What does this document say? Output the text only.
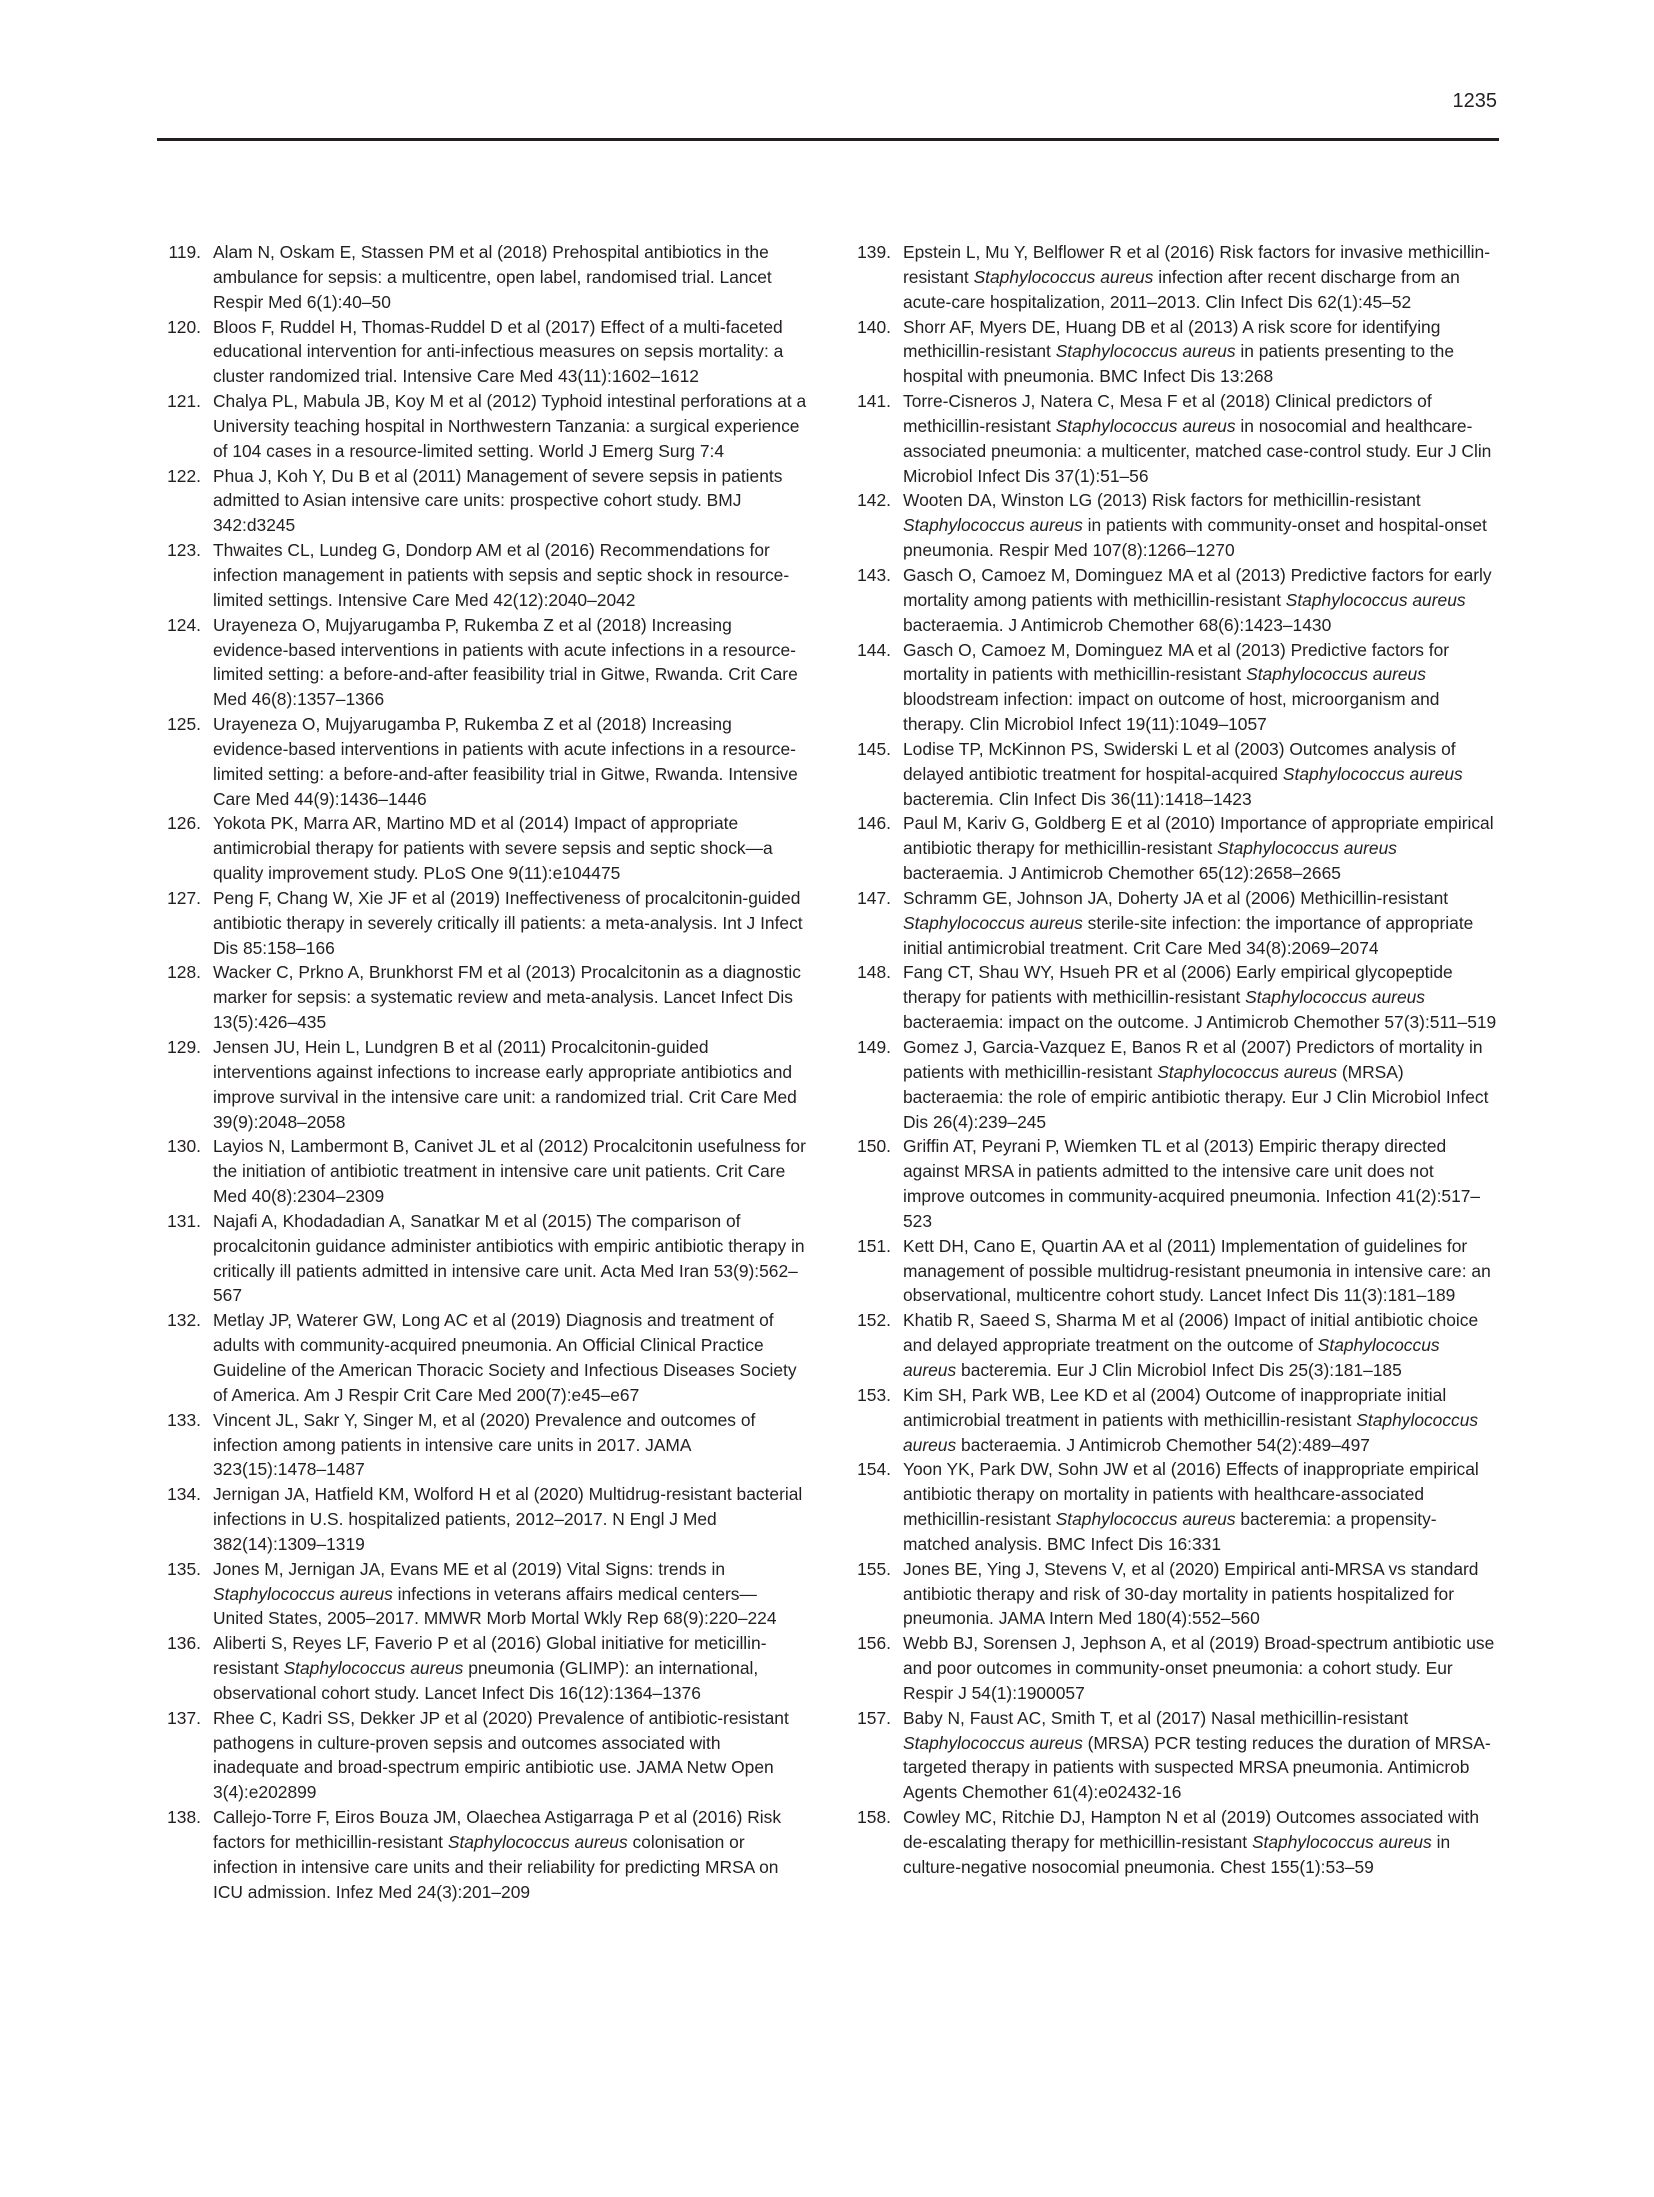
1235
119. Alam N, Oskam E, Stassen PM et al (2018) Prehospital antibiotics in the ambulance for sepsis: a multicentre, open label, randomised trial. Lancet Respir Med 6(1):40–50
120. Bloos F, Ruddel H, Thomas-Ruddel D et al (2017) Effect of a multi-faceted educational intervention for anti-infectious measures on sepsis mortality: a cluster randomized trial. Intensive Care Med 43(11):1602–1612
121. Chalya PL, Mabula JB, Koy M et al (2012) Typhoid intestinal perforations at a University teaching hospital in Northwestern Tanzania: a surgical experience of 104 cases in a resource-limited setting. World J Emerg Surg 7:4
122. Phua J, Koh Y, Du B et al (2011) Management of severe sepsis in patients admitted to Asian intensive care units: prospective cohort study. BMJ 342:d3245
123. Thwaites CL, Lundeg G, Dondorp AM et al (2016) Recommendations for infection management in patients with sepsis and septic shock in resource-limited settings. Intensive Care Med 42(12):2040–2042
124. Urayeneza O, Mujyarugamba P, Rukemba Z et al (2018) Increasing evidence-based interventions in patients with acute infections in a resource-limited setting: a before-and-after feasibility trial in Gitwe, Rwanda. Crit Care Med 46(8):1357–1366
125. Urayeneza O, Mujyarugamba P, Rukemba Z et al (2018) Increasing evidence-based interventions in patients with acute infections in a resource-limited setting: a before-and-after feasibility trial in Gitwe, Rwanda. Intensive Care Med 44(9):1436–1446
126. Yokota PK, Marra AR, Martino MD et al (2014) Impact of appropriate antimicrobial therapy for patients with severe sepsis and septic shock—a quality improvement study. PLoS One 9(11):e104475
127. Peng F, Chang W, Xie JF et al (2019) Ineffectiveness of procalcitonin-guided antibiotic therapy in severely critically ill patients: a meta-analysis. Int J Infect Dis 85:158–166
128. Wacker C, Prkno A, Brunkhorst FM et al (2013) Procalcitonin as a diagnostic marker for sepsis: a systematic review and meta-analysis. Lancet Infect Dis 13(5):426–435
129. Jensen JU, Hein L, Lundgren B et al (2011) Procalcitonin-guided interventions against infections to increase early appropriate antibiotics and improve survival in the intensive care unit: a randomized trial. Crit Care Med 39(9):2048–2058
130. Layios N, Lambermont B, Canivet JL et al (2012) Procalcitonin usefulness for the initiation of antibiotic treatment in intensive care unit patients. Crit Care Med 40(8):2304–2309
131. Najafi A, Khodadadian A, Sanatkar M et al (2015) The comparison of procalcitonin guidance administer antibiotics with empiric antibiotic therapy in critically ill patients admitted in intensive care unit. Acta Med Iran 53(9):562–567
132. Metlay JP, Waterer GW, Long AC et al (2019) Diagnosis and treatment of adults with community-acquired pneumonia. An Official Clinical Practice Guideline of the American Thoracic Society and Infectious Diseases Society of America. Am J Respir Crit Care Med 200(7):e45–e67
133. Vincent JL, Sakr Y, Singer M, et al (2020) Prevalence and outcomes of infection among patients in intensive care units in 2017. JAMA 323(15):1478–1487
134. Jernigan JA, Hatfield KM, Wolford H et al (2020) Multidrug-resistant bacterial infections in U.S. hospitalized patients, 2012–2017. N Engl J Med 382(14):1309–1319
135. Jones M, Jernigan JA, Evans ME et al (2019) Vital Signs: trends in Staphylococcus aureus infections in veterans affairs medical centers—United States, 2005–2017. MMWR Morb Mortal Wkly Rep 68(9):220–224
136. Aliberti S, Reyes LF, Faverio P et al (2016) Global initiative for meticillin-resistant Staphylococcus aureus pneumonia (GLIMP): an international, observational cohort study. Lancet Infect Dis 16(12):1364–1376
137. Rhee C, Kadri SS, Dekker JP et al (2020) Prevalence of antibiotic-resistant pathogens in culture-proven sepsis and outcomes associated with inadequate and broad-spectrum empiric antibiotic use. JAMA Netw Open 3(4):e202899
138. Callejo-Torre F, Eiros Bouza JM, Olaechea Astigarraga P et al (2016) Risk factors for methicillin-resistant Staphylococcus aureus colonisation or infection in intensive care units and their reliability for predicting MRSA on ICU admission. Infez Med 24(3):201–209
139. Epstein L, Mu Y, Belflower R et al (2016) Risk factors for invasive methicillin-resistant Staphylococcus aureus infection after recent discharge from an acute-care hospitalization, 2011–2013. Clin Infect Dis 62(1):45–52
140. Shorr AF, Myers DE, Huang DB et al (2013) A risk score for identifying methicillin-resistant Staphylococcus aureus in patients presenting to the hospital with pneumonia. BMC Infect Dis 13:268
141. Torre-Cisneros J, Natera C, Mesa F et al (2018) Clinical predictors of methicillin-resistant Staphylococcus aureus in nosocomial and healthcare-associated pneumonia: a multicenter, matched case-control study. Eur J Clin Microbiol Infect Dis 37(1):51–56
142. Wooten DA, Winston LG (2013) Risk factors for methicillin-resistant Staphylococcus aureus in patients with community-onset and hospital-onset pneumonia. Respir Med 107(8):1266–1270
143. Gasch O, Camoez M, Dominguez MA et al (2013) Predictive factors for early mortality among patients with methicillin-resistant Staphylococcus aureus bacteraemia. J Antimicrob Chemother 68(6):1423–1430
144. Gasch O, Camoez M, Dominguez MA et al (2013) Predictive factors for mortality in patients with methicillin-resistant Staphylococcus aureus bloodstream infection: impact on outcome of host, microorganism and therapy. Clin Microbiol Infect 19(11):1049–1057
145. Lodise TP, McKinnon PS, Swiderski L et al (2003) Outcomes analysis of delayed antibiotic treatment for hospital-acquired Staphylococcus aureus bacteremia. Clin Infect Dis 36(11):1418–1423
146. Paul M, Kariv G, Goldberg E et al (2010) Importance of appropriate empirical antibiotic therapy for methicillin-resistant Staphylococcus aureus bacteraemia. J Antimicrob Chemother 65(12):2658–2665
147. Schramm GE, Johnson JA, Doherty JA et al (2006) Methicillin-resistant Staphylococcus aureus sterile-site infection: the importance of appropriate initial antimicrobial treatment. Crit Care Med 34(8):2069–2074
148. Fang CT, Shau WY, Hsueh PR et al (2006) Early empirical glycopeptide therapy for patients with methicillin-resistant Staphylococcus aureus bacteraemia: impact on the outcome. J Antimicrob Chemother 57(3):511–519
149. Gomez J, Garcia-Vazquez E, Banos R et al (2007) Predictors of mortality in patients with methicillin-resistant Staphylococcus aureus (MRSA) bacteraemia: the role of empiric antibiotic therapy. Eur J Clin Microbiol Infect Dis 26(4):239–245
150. Griffin AT, Peyrani P, Wiemken TL et al (2013) Empiric therapy directed against MRSA in patients admitted to the intensive care unit does not improve outcomes in community-acquired pneumonia. Infection 41(2):517–523
151. Kett DH, Cano E, Quartin AA et al (2011) Implementation of guidelines for management of possible multidrug-resistant pneumonia in intensive care: an observational, multicentre cohort study. Lancet Infect Dis 11(3):181–189
152. Khatib R, Saeed S, Sharma M et al (2006) Impact of initial antibiotic choice and delayed appropriate treatment on the outcome of Staphylococcus aureus bacteremia. Eur J Clin Microbiol Infect Dis 25(3):181–185
153. Kim SH, Park WB, Lee KD et al (2004) Outcome of inappropriate initial antimicrobial treatment in patients with methicillin-resistant Staphylococcus aureus bacteraemia. J Antimicrob Chemother 54(2):489–497
154. Yoon YK, Park DW, Sohn JW et al (2016) Effects of inappropriate empirical antibiotic therapy on mortality in patients with healthcare-associated methicillin-resistant Staphylococcus aureus bacteremia: a propensity-matched analysis. BMC Infect Dis 16:331
155. Jones BE, Ying J, Stevens V, et al (2020) Empirical anti-MRSA vs standard antibiotic therapy and risk of 30-day mortality in patients hospitalized for pneumonia. JAMA Intern Med 180(4):552–560
156. Webb BJ, Sorensen J, Jephson A, et al (2019) Broad-spectrum antibiotic use and poor outcomes in community-onset pneumonia: a cohort study. Eur Respir J 54(1):1900057
157. Baby N, Faust AC, Smith T, et al (2017) Nasal methicillin-resistant Staphylococcus aureus (MRSA) PCR testing reduces the duration of MRSA-targeted therapy in patients with suspected MRSA pneumonia. Antimicrob Agents Chemother 61(4):e02432-16
158. Cowley MC, Ritchie DJ, Hampton N et al (2019) Outcomes associated with de-escalating therapy for methicillin-resistant Staphylococcus aureus in culture-negative nosocomial pneumonia. Chest 155(1):53–59
